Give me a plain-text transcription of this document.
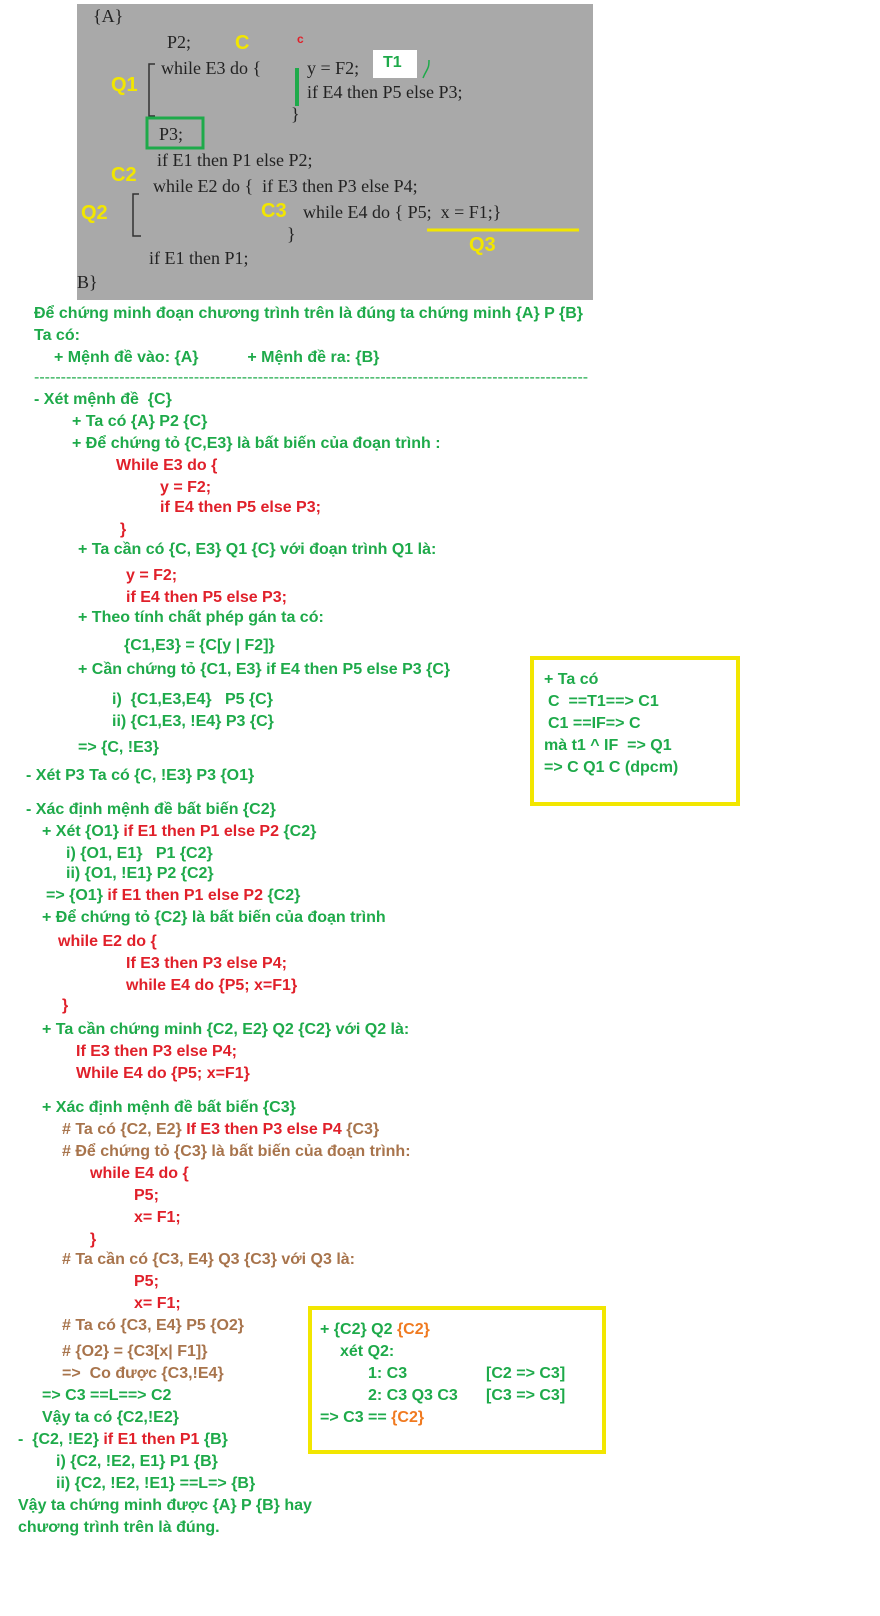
{A}
P2;
while E3 do {	y = F2;
if E4 then P5 else P3;
}
P3;
if E1 then P1 else P2;
while E2 do {  if E3 then P3 else P4;
while E4 do { P5;  x = F1;}
}
if E1 then P1;
B}
C	c
T1
Q1
C2
Q2	C3
Q3
Để chứng minh đoạn chương trình trên là đúng ta chứng minh {A} P {B}
Ta có:
+ Mệnh đề vào: {A}           + Mệnh đề ra: {B}
--------------------------------------------------------------------------------------------------------
- Xét mệnh đề  {C}
+ Ta có {A} P2 {C}
+ Để chứng tỏ {C,E3} là bất biến của đoạn trình :
While E3 do {
y = F2;
if E4 then P5 else P3;
}
+ Ta cần có {C, E3} Q1 {C} với đoạn trình Q1 là:
y = F2;
if E4 then P5 else P3;
+ Theo tính chất phép gán ta có:
{C1,E3} = {C[y | F2]}
+ Cần chứng tỏ {C1, E3} if E4 then P5 else P3 {C}
i)  {C1,E3,E4}   P5 {C}
ii) {C1,E3, !E4} P3 {C}
=> {C, !E3}
- Xét P3 Ta có {C, !E3} P3 {O1}
- Xác định mệnh đề bất biến {C2}
+ Xét {O1} if E1 then P1 else P2 {C2}
i) {O1, E1}   P1 {C2}
ii) {O1, !E1} P2 {C2}
=> {O1} if E1 then P1 else P2 {C2}
+ Để chứng tỏ {C2} là bất biến của đoạn trình
while E2 do {
If E3 then P3 else P4;
while E4 do {P5; x=F1}
}
+ Ta cần chứng minh {C2, E2} Q2 {C2} với Q2 là:
If E3 then P3 else P4;
While E4 do {P5; x=F1}
+ Xác định mệnh đề bất biến {C3}
# Ta có {C2, E2} If E3 then P3 else P4 {C3}
# Để chứng tỏ {C3} là bất biến của đoạn trình:
while E4 do {
P5;
x= F1;
}
# Ta cần có {C3, E4} Q3 {C3} với Q3 là:
P5;
x= F1;
# Ta có {C3, E4} P5 {O2}
# {O2} = {C3[x| F1]}
=>  Co được {C3,!E4}
=> C3 ==L==> C2
Vậy ta có {C2,!E2}
-  {C2, !E2} if E1 then P1 {B}
i) {C2, !E2, E1} P1 {B}
ii) {C2, !E2, !E1} ==L=> {B}
Vậy ta chứng minh được {A} P {B} hay
chương trình trên là đúng.
+ Ta có
C  ==T1==> C1
C1 ==IF=> C
mà t1 ^ IF  => Q1
=> C Q1 C (dpcm)
+ {C2} Q2 {C2}
xét Q2:
1: C3	[C2 => C3]
2: C3 Q3 C3 [C3 => C3]
=> C3 == {C2}
